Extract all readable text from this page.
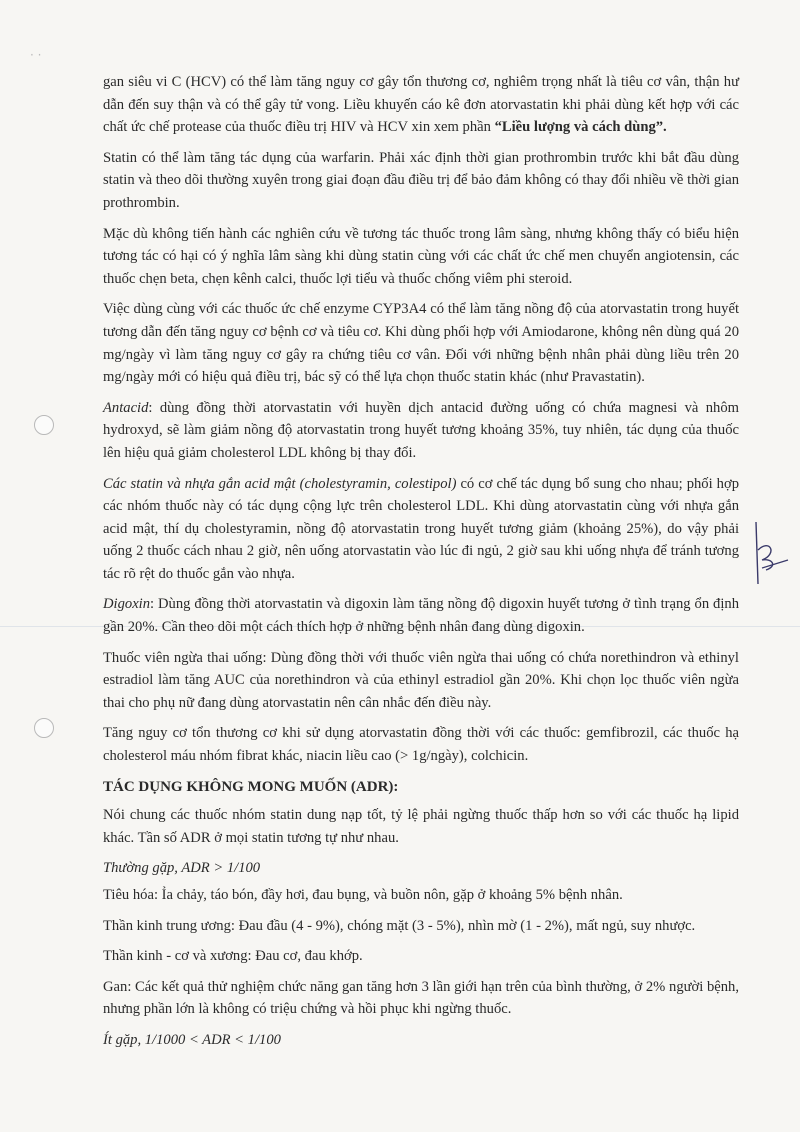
· ·

gan siêu vi C (HCV) có thể làm tăng nguy cơ gây tổn thương cơ, nghiêm trọng nhất là tiêu cơ vân, thận hư dẫn đến suy thận và có thể gây tử vong. Liều khuyến cáo kê đơn atorvastatin khi phải dùng kết hợp với các chất ức chế protease của thuốc điều trị HIV và HCV xin xem phần “Liều lượng và cách dùng”.

Statin có thể làm tăng tác dụng của warfarin. Phải xác định thời gian prothrombin trước khi bắt đầu dùng statin và theo dõi thường xuyên trong giai đoạn đầu điều trị để bảo đảm không có thay đổi nhiều về thời gian prothrombin.

Mặc dù không tiến hành các nghiên cứu về tương tác thuốc trong lâm sàng, nhưng không thấy có biểu hiện tương tác có hại có ý nghĩa lâm sàng khi dùng statin cùng với các chất ức chế men chuyển angiotensin, các thuốc chẹn beta, chẹn kênh calci, thuốc lợi tiểu và thuốc chống viêm phi steroid.

Việc dùng cùng với các thuốc ức chế enzyme CYP3A4 có thể làm tăng nồng độ của atorvastatin trong huyết tương dẫn đến tăng nguy cơ bệnh cơ và tiêu cơ. Khi dùng phối hợp với Amiodarone, không nên dùng quá 20 mg/ngày vì làm tăng nguy cơ gây ra chứng tiêu cơ vân. Đối với những bệnh nhân phải dùng liều trên 20 mg/ngày mới có hiệu quả điều trị, bác sỹ có thể lựa chọn thuốc statin khác (như Pravastatin).

Antacid: dùng đồng thời atorvastatin với huyền dịch antacid đường uống có chứa magnesi và nhôm hydroxyd, sẽ làm giảm nồng độ atorvastatin trong huyết tương khoảng 35%, tuy nhiên, tác dụng của thuốc lên hiệu quả giảm cholesterol LDL không bị thay đổi.

Các statin và nhựa gắn acid mật (cholestyramin, colestipol) có cơ chế tác dụng bổ sung cho nhau; phối hợp các nhóm thuốc này có tác dụng cộng lực trên cholesterol LDL. Khi dùng atorvastatin cùng với nhựa gắn acid mật, thí dụ cholestyramin, nồng độ atorvastatin trong huyết tương giảm (khoảng 25%), do vậy phải uống 2 thuốc cách nhau 2 giờ, nên uống atorvastatin vào lúc đi ngủ, 2 giờ sau khi uống nhựa để tránh tương tác rõ rệt do thuốc gắn vào nhựa.

Digoxin: Dùng đồng thời atorvastatin và digoxin làm tăng nồng độ digoxin huyết tương ở tình trạng ổn định gần 20%. Cần theo dõi một cách thích hợp ở những bệnh nhân đang dùng digoxin.

Thuốc viên ngừa thai uống: Dùng đồng thời với thuốc viên ngừa thai uống có chứa norethindron và ethinyl estradiol làm tăng AUC của norethindron và của ethinyl estradiol gần 20%. Khi chọn lọc thuốc viên ngừa thai cho phụ nữ đang dùng atorvastatin nên cân nhắc đến điều này.

Tăng nguy cơ tổn thương cơ khi sử dụng atorvastatin đồng thời với các thuốc: gemfibrozil, các thuốc hạ cholesterol máu nhóm fibrat khác, niacin liều cao (> 1g/ngày), colchicin.

TÁC DỤNG KHÔNG MONG MUỐN (ADR):

Nói chung các thuốc nhóm statin dung nạp tốt, tỷ lệ phải ngừng thuốc thấp hơn so với các thuốc hạ lipid khác. Tần số ADR ở mọi statin tương tự như nhau.

Thường gặp, ADR > 1/100

Tiêu hóa: Ỉa chảy, táo bón, đầy hơi, đau bụng, và buồn nôn, gặp ở khoảng 5% bệnh nhân.

Thần kinh trung ương: Đau đầu (4 - 9%), chóng mặt (3 - 5%), nhìn mờ (1 - 2%), mất ngủ, suy nhược.

Thần kinh - cơ và xương: Đau cơ, đau khớp.

Gan: Các kết quả thử nghiệm chức năng gan tăng hơn 3 lần giới hạn trên của bình thường, ở 2% người bệnh, nhưng phần lớn là không có triệu chứng và hồi phục khi ngừng thuốc.

Ít gặp, 1/1000 < ADR < 1/100
